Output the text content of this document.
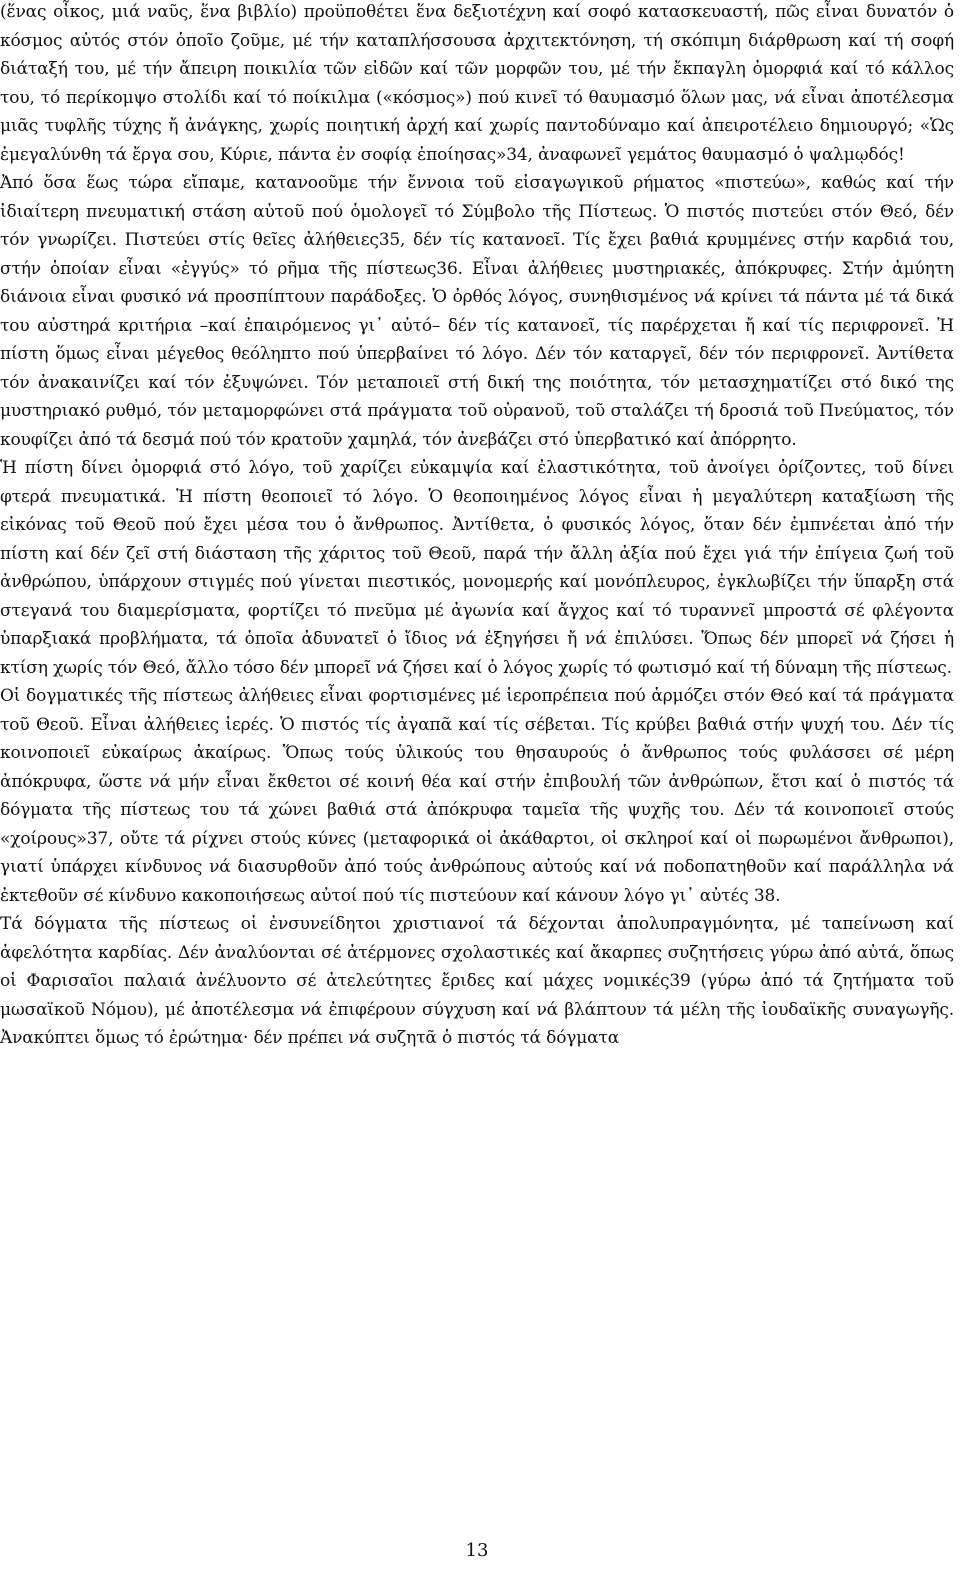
(ἕνας οἶκος, μιά ναῦς, ἕνα βιβλίο) προϋποθέτει ἕνα δεξιοτέχνη καί σοφό κατασκευαστή, πῶς εἶναι δυνατόν ὁ κόσμος αὐτός στόν ὁποῖο ζοῦμε, μέ τήν καταπλήσσουσα ἀρχιτεκτόνηση, τή σκόπιμη διάρθρωση καί τή σοφή διάταξή του, μέ τήν ἄπειρη ποικιλία τῶν εἰδῶν καί τῶν μορφῶν του, μέ τήν ἔκπαγλη ὀμορφιά καί τό κάλλος του, τό περίκομψο στολίδι καί τό ποίκιλμα («κόσμος») πού κινεῖ τό θαυμασμό ὅλων μας, νά εἶναι ἀποτέλεσμα μιᾶς τυφλῆς τύχης ἤ ἀνάγκης, χωρίς ποιητική ἀρχή καί χωρίς παντοδύναμο καί ἀπειροτέλειο δημιουργό; «Ὡς ἐμεγαλύνθη τά ἔργα σου, Κύριε, πάντα ἐν σοφίᾳ ἐποίησας»34, ἀναφωνεῖ γεμάτος θαυμασμό ὁ ψαλμῳδός!

Ἀπό ὅσα ἕως τώρα εἴπαμε, κατανοοῦμε τήν ἔννοια τοῦ εἰσαγωγικοῦ ρήματος «πιστεύω», καθώς καί τήν ἰδιαίτερη πνευματική στάση αὐτοῦ πού ὁμολογεῖ τό Σύμβολο τῆς Πίστεως. Ὁ πιστός πιστεύει στόν Θεό, δέν τόν γνωρίζει. Πιστεύει στίς θεῖες ἀλήθειες35, δέν τίς κατανοεῖ. Τίς ἔχει βαθιά κρυμμένες στήν καρδιά του, στήν ὁποίαν εἶναι «ἐγγύς» τό ρῆμα τῆς πίστεως36. Εἶναι ἀλήθειες μυστηριακές, ἀπόκρυφες. Στήν ἀμύητη διάνοια εἶναι φυσικό νά προσπίπτουν παράδοξες. Ὁ ὀρθός λόγος, συνηθισμένος νά κρίνει τά πάντα μέ τά δικά του αὐστηρά κριτήρια –καί ἐπαιρόμενος γι᾽ αὐτό– δέν τίς κατανοεῖ, τίς παρέρχεται ἤ καί τίς περιφρονεῖ. Ἡ πίστη ὅμως εἶναι μέγεθος θεόληπτο πού ὑπερβαίνει τό λόγο. Δέν τόν καταργεῖ, δέν τόν περιφρονεῖ. Ἀντίθετα τόν ἀνακαινίζει καί τόν ἐξυψώνει. Τόν μεταποιεῖ στή δική της ποιότητα, τόν μετασχηματίζει στό δικό της μυστηριακό ρυθμό, τόν μεταμορφώνει στά πράγματα τοῦ οὐρανοῦ, τοῦ σταλάζει τή δροσιά τοῦ Πνεύματος, τόν κουφίζει ἀπό τά δεσμά πού τόν κρατοῦν χαμηλά, τόν ἀνεβάζει στό ὑπερβατικό καί ἀπόρρητο.

Ἡ πίστη δίνει ὀμορφιά στό λόγο, τοῦ χαρίζει εὐκαμψία καί ἐλαστικότητα, τοῦ ἀνοίγει ὁρίζοντες, τοῦ δίνει φτερά πνευματικά. Ἡ πίστη θεοποιεῖ τό λόγο. Ὁ θεοποιημένος λόγος εἶναι ἡ μεγαλύτερη καταξίωση τῆς εἰκόνας τοῦ Θεοῦ πού ἔχει μέσα του ὁ ἄνθρωπος. Ἀντίθετα, ὁ φυσικός λόγος, ὅταν δέν ἐμπνέεται ἀπό τήν πίστη καί δέν ζεῖ στή διάσταση τῆς χάριτος τοῦ Θεοῦ, παρά τήν ἄλλη ἀξία πού ἔχει γιά τήν ἐπίγεια ζωή τοῦ ἀνθρώπου, ὑπάρχουν στιγμές πού γίνεται πιεστικός, μονομερής καί μονόπλευρος, ἐγκλωβίζει τήν ὕπαρξη στά στεγανά του διαμερίσματα, φορτίζει τό πνεῦμα μέ ἀγωνία καί ἄγχος καί τό τυραννεῖ μπροστά σέ φλέγοντα ὑπαρξιακά προβλήματα, τά ὁποῖα ἀδυνατεῖ ὁ ἴδιος νά ἐξηγήσει ἤ νά ἐπιλύσει. Ὅπως δέν μπορεῖ νά ζήσει ἡ κτίση χωρίς τόν Θεό, ἄλλο τόσο δέν μπορεῖ νά ζήσει καί ὁ λόγος χωρίς τό φωτισμό καί τή δύναμη τῆς πίστεως.

Οἱ δογματικές τῆς πίστεως ἀλήθειες εἶναι φορτισμένες μέ ἱεροπρέπεια πού ἁρμόζει στόν Θεό καί τά πράγματα τοῦ Θεοῦ. Εἶναι ἀλήθειες ἱερές. Ὁ πιστός τίς ἀγαπᾶ καί τίς σέβεται. Τίς κρύβει βαθιά στήν ψυχή του. Δέν τίς κοινοποιεῖ εὐκαίρως ἀκαίρως. Ὅπως τούς ὑλικούς του θησαυρούς ὁ ἄνθρωπος τούς φυλάσσει σέ μέρη ἀπόκρυφα, ὥστε νά μήν εἶναι ἔκθετοι σέ κοινή θέα καί στήν ἐπιβουλή τῶν ἀνθρώπων, ἔτσι καί ὁ πιστός τά δόγματα τῆς πίστεως του τά χώνει βαθιά στά ἀπόκρυφα ταμεῖα τῆς ψυχῆς του. Δέν τά κοινοποιεῖ στούς «χοίρους»37, οὔτε τά ρίχνει στούς κύνες (μεταφορικά οἱ ἀκάθαρτοι, οἱ σκληροί καί οἱ πωρωμένοι ἄνθρωποι), γιατί ὑπάρχει κίνδυνος νά διασυρθοῦν ἀπό τούς ἀνθρώπους αὐτούς καί νά ποδοπατηθοῦν καί παράλληλα νά ἐκτεθοῦν σέ κίνδυνο κακοποιήσεως αὐτοί πού τίς πιστεύουν καί κάνουν λόγο γι᾽ αὐτές 38.

Τά δόγματα τῆς πίστεως οἱ ἐνσυνείδητοι χριστιανοί τά δέχονται ἀπολυπραγμόνητα, μέ ταπείνωση καί ἀφελότητα καρδίας. Δέν ἀναλύονται σέ ἀτέρμονες σχολαστικές καί ἄκαρπες συζητήσεις γύρω ἀπό αὐτά, ὅπως οἱ Φαρισαῖοι παλαιά ἀνέλυοντο σέ ἀτελεύτητες ἔριδες καί μάχες νομικές39 (γύρω ἀπό τά ζητήματα τοῦ μωσαϊκοῦ Νόμου), μέ ἀποτέλεσμα νά ἐπιφέρουν σύγχυση καί νά βλάπτουν τά μέλη τῆς ἰουδαϊκῆς συναγωγῆς. Ἀνακύπτει ὅμως τό ἐρώτημα· δέν πρέπει νά συζητᾶ ὁ πιστός τά δόγματα

13
